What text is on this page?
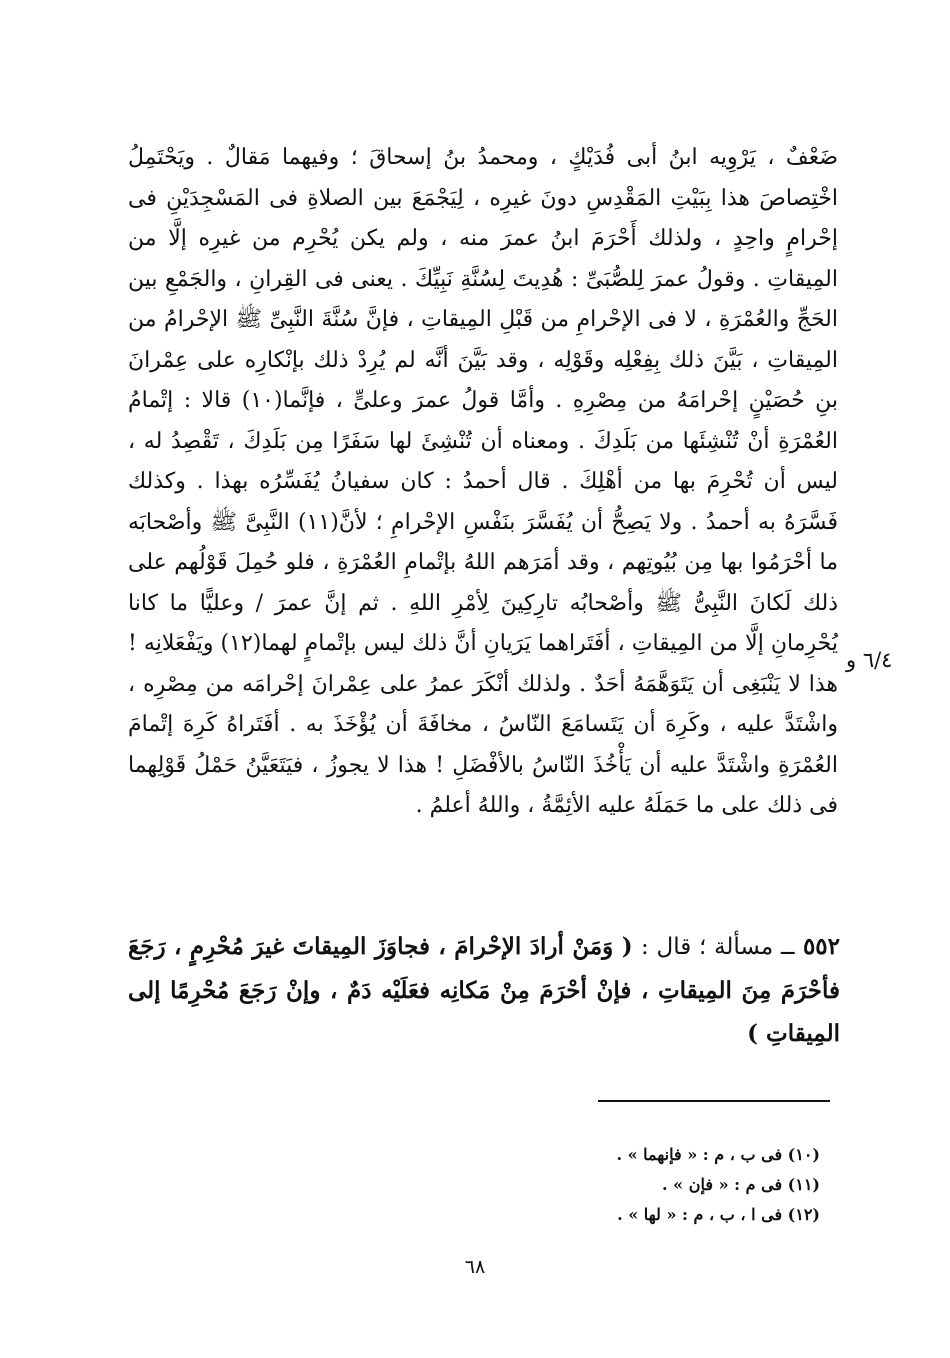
ضَعْفٌ ، يَرْوِيه ابنُ أبى فُدَيْكٍ ، ومحمدُ بنُ إسحاقَ ؛ وفيهما مَقالٌ . ويَحْتَمِلُ اخْتِصاصَ هذا بِبَيْتِ المَقْدِسِ دونَ غيرِه ، لِيَجْمَعَ بين الصلاةِ فى المَسْجِدَيْنِ فى إحْرامٍ واحِدٍ ، ولذلك أَحْرَمَ ابنُ عمرَ منه ، ولم يكن يُحْرِم من غيرِه إلَّا من المِيقاتِ . وقولُ عمرَ لِلصُّبَىِّ : هُدِيتَ لِسُنَّةِ نَبِيِّكَ . يعنى فى القِرانِ ، والجَمْعِ بين الحَجِّ والعُمْرَةِ ، لا فى الإحْرامِ من قَبْلِ المِيقاتِ ، فإنَّ سُنَّةَ النَّبِىِّ ﷺ الإحْرامُ من المِيقاتِ ، بَيَّنَ ذلك بِفِعْلِه وقَوْلِه ، وقد بَيَّنَ أنَّه لم يُرِدْ ذلك بإنْكارِه على عِمْرانَ بنِ حُصَيْنٍ إحْرامَهُ من مِصْرِهِ . وأمَّا قولُ عمرَ وعلىٍّ ، فإنَّما(١٠) قالا : إتْمامُ العُمْرَةِ أنْ تُنْشِئَها من بَلَدِكَ . ومعناه أن تُنْشِئَ لها سَفَرًا مِن بَلَدِكَ ، تَقْصِدُ له ، ليس أن تُحْرِمَ بها من أهْلِكَ . قال أحمدُ : كان سفيانُ يُفَسِّرُه بهذا . وكذلك فَسَّرَهُ به أحمدُ . ولا يَصِحُّ أن يُفَسَّرَ بنَفْسِ الإحْرامِ ؛ لأنَّ(١١) النَّبِىَّ ﷺ وأصْحابَه ما أحْرَمُوا بها مِن بُيُوتِهم ، وقد أمَرَهم اللهُ بإتْمامِ العُمْرَةِ ، فلو حُمِلَ قَوْلُهم على ذلك لَكانَ النَّبِىُّ ﷺ وأصْحابُه تارِكِينَ لِأمْرِ اللهِ . ثم إنَّ عمرَ / وعليًّا ما كانا يُحْرِمانِ إلَّا من المِيقاتِ ، أفَتَراهما يَرَيانِ أنَّ ذلك ليس بإتْمامٍ لهما(١٢) ويَفْعَلانِه ! هذا لا يَنْبَغِى أن يَتَوَهَّمَهُ أحَدٌ . ولذلك أنْكَرَ عمرُ على عِمْرانَ إحْرامَه من مِصْرِه ، واشْتَدَّ عليه ، وكَرِهَ أن يَتَسامَعَ النّاسُ ، مخافَةَ أن يُؤْخَذَ به . أفَتَراهُ كَرِهَ إتْمامَ العُمْرَةِ واشْتَدَّ عليه أن يَأْخُذَ النّاسُ بالأفْضَلِ ! هذا لا يجوزُ ، فيَتَعَيَّنُ حَمْلُ قَوْلِهما فى ذلك على ما حَمَلَهُ عليه الأئِمَّةُ ، واللهُ أعلمُ .

٦/٤ و
٥٥٢ ــ مسألة ؛ قال : ( وَمَنْ أرادَ الإحْرامَ ، فجاوَزَ المِيقاتَ غيرَ مُحْرِمٍ ، رَجَعَ فأحْرَمَ مِنَ المِيقاتِ ، فإنْ أحْرَمَ مِنْ مَكانِه فعَلَيْه دَمٌ ، وإنْ رَجَعَ مُحْرِمًا إلى المِيقاتِ )
(١٠) فى ب ، م : « فإنهما » .
(١١) فى م : « فإن » .
(١٢) فى ا ، ب ، م : « لها » .
٦٨
